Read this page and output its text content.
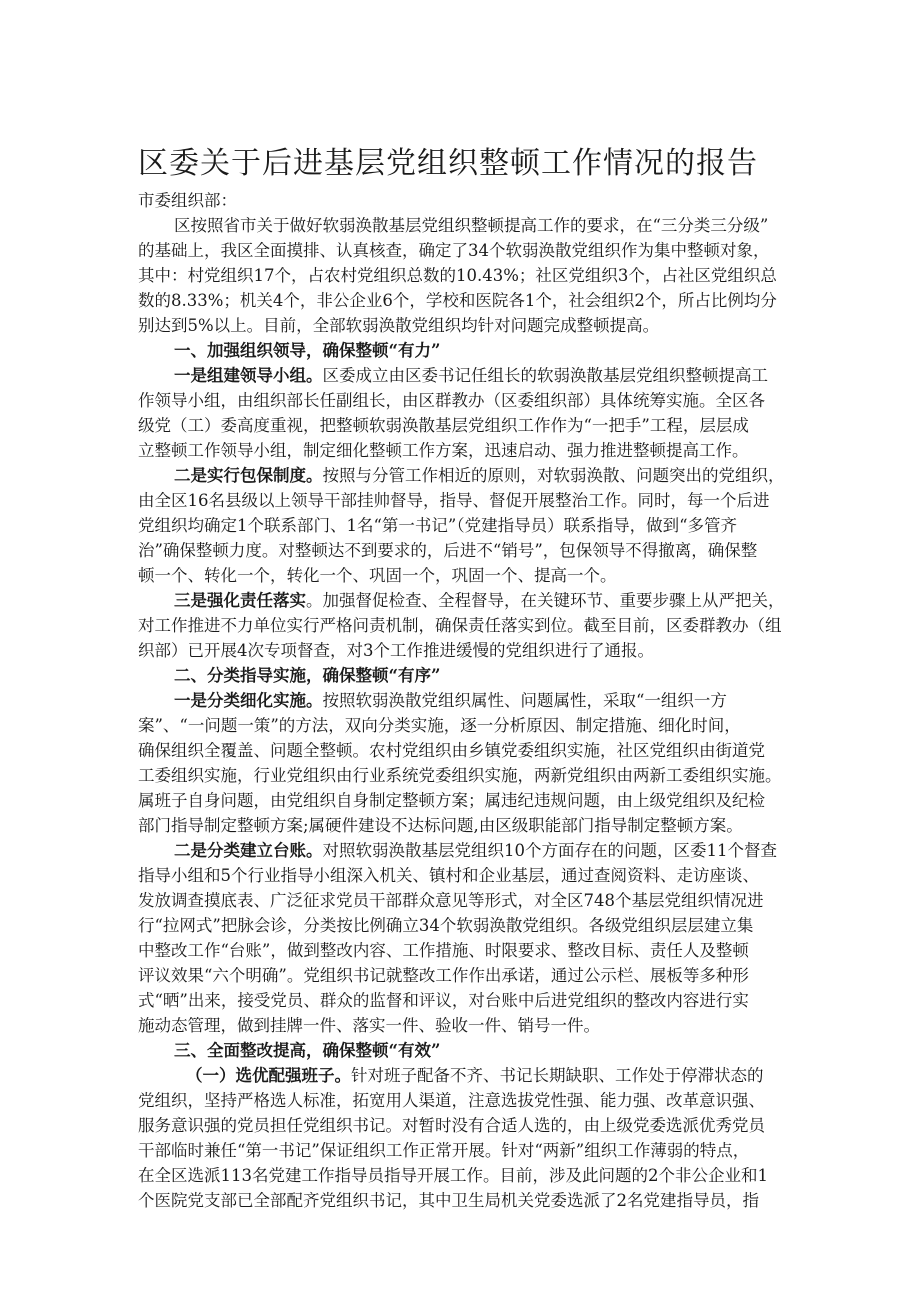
区委关于后进基层党组织整顿工作情况的报告
市委组织部：
区按照省市关于做好软弱涣散基层党组织整顿提高工作的要求，在“三分类三分级”
的基础上，我区全面摸排、认真核查，确定了34个软弱涣散党组织作为集中整顿对象，
其中：村党组织17个，占农村党组织总数的10.43%；社区党组织3个，占社区党组织总
数的8.33%；机关4个，非公企业6个，学校和医院各1个，社会组织2个，所占比例均分
别达到5%以上。目前，全部软弱涣散党组织均针对问题完成整顿提高。
一、加强组织领导，确保整顿“有力”
一是组建领导小组。区委成立由区委书记任组长的软弱涣散基层党组织整顿提高工
作领导小组，由组织部长任副组长，由区群教办（区委组织部）具体统筹实施。全区各
级党（工）委高度重视，把整顿软弱涣散基层党组织工作作为“一把手”工程，层层成
立整顿工作领导小组，制定细化整顿工作方案，迅速启动、强力推进整顿提高工作。
二是实行包保制度。按照与分管工作相近的原则，对软弱涣散、问题突出的党组织，
由全区16名县级以上领导干部挂帅督导，指导、督促开展整治工作。同时，每一个后进
党组织均确定1个联系部门、1名“第一书记”（党建指导员）联系指导，做到“多管齐
治”确保整顿力度。对整顿达不到要求的，后进不“销号”，包保领导不得撤离，确保整
顿一个、转化一个，转化一个、巩固一个，巩固一个、提高一个。
三是强化责任落实。加强督促检查、全程督导，在关键环节、重要步骤上从严把关，
对工作推进不力单位实行严格问责机制，确保责任落实到位。截至目前，区委群教办（组
织部）已开展4次专项督查，对3个工作推进缓慢的党组织进行了通报。
二、分类指导实施，确保整顿“有序”
一是分类细化实施。按照软弱涣散党组织属性、问题属性，采取“一组织一方
案”、“一问题一策”的方法，双向分类实施，逐一分析原因、制定措施、细化时间，
确保组织全覆盖、问题全整顿。农村党组织由乡镇党委组织实施，社区党组织由街道党
工委组织实施，行业党组织由行业系统党委组织实施，两新党组织由两新工委组织实施。
属班子自身问题，由党组织自身制定整顿方案；属违纪违规问题，由上级党组织及纪检
部门指导制定整顿方案;属硬件建设不达标问题,由区级职能部门指导制定整顿方案。
二是分类建立台账。对照软弱涣散基层党组织10个方面存在的问题，区委11个督查
指导小组和5个行业指导小组深入机关、镇村和企业基层，通过查阅资料、走访座谈、
发放调查摸底表、广泛征求党员干部群众意见等形式，对全区748个基层党组织情况进
行“拉网式”把脉会诊，分类按比例确立34个软弱涣散党组织。各级党组织层层建立集
中整改工作“台账”，做到整改内容、工作措施、时限要求、整改目标、责任人及整顿
评议效果“六个明确”。党组织书记就整改工作作出承诺，通过公示栏、展板等多种形
式“晒”出来，接受党员、群众的监督和评议，对台账中后进党组织的整改内容进行实
施动态管理，做到挂牌一件、落实一件、验收一件、销号一件。
三、全面整改提高，确保整顿“有效”
（一）选优配强班子。针对班子配备不齐、书记长期缺职、工作处于停滞状态的
党组织，坚持严格选人标准，拓宽用人渠道，注意选拔党性强、能力强、改革意识强、
服务意识强的党员担任党组织书记。对暂时没有合适人选的，由上级党委选派优秀党员
干部临时兼任“第一书记”保证组织工作正常开展。针对“两新”组织工作薄弱的特点，
在全区选派113名党建工作指导员指导开展工作。目前，涉及此问题的2个非公企业和1
个医院党支部已全部配齐党组织书记，其中卫生局机关党委选派了2名党建指导员，指
